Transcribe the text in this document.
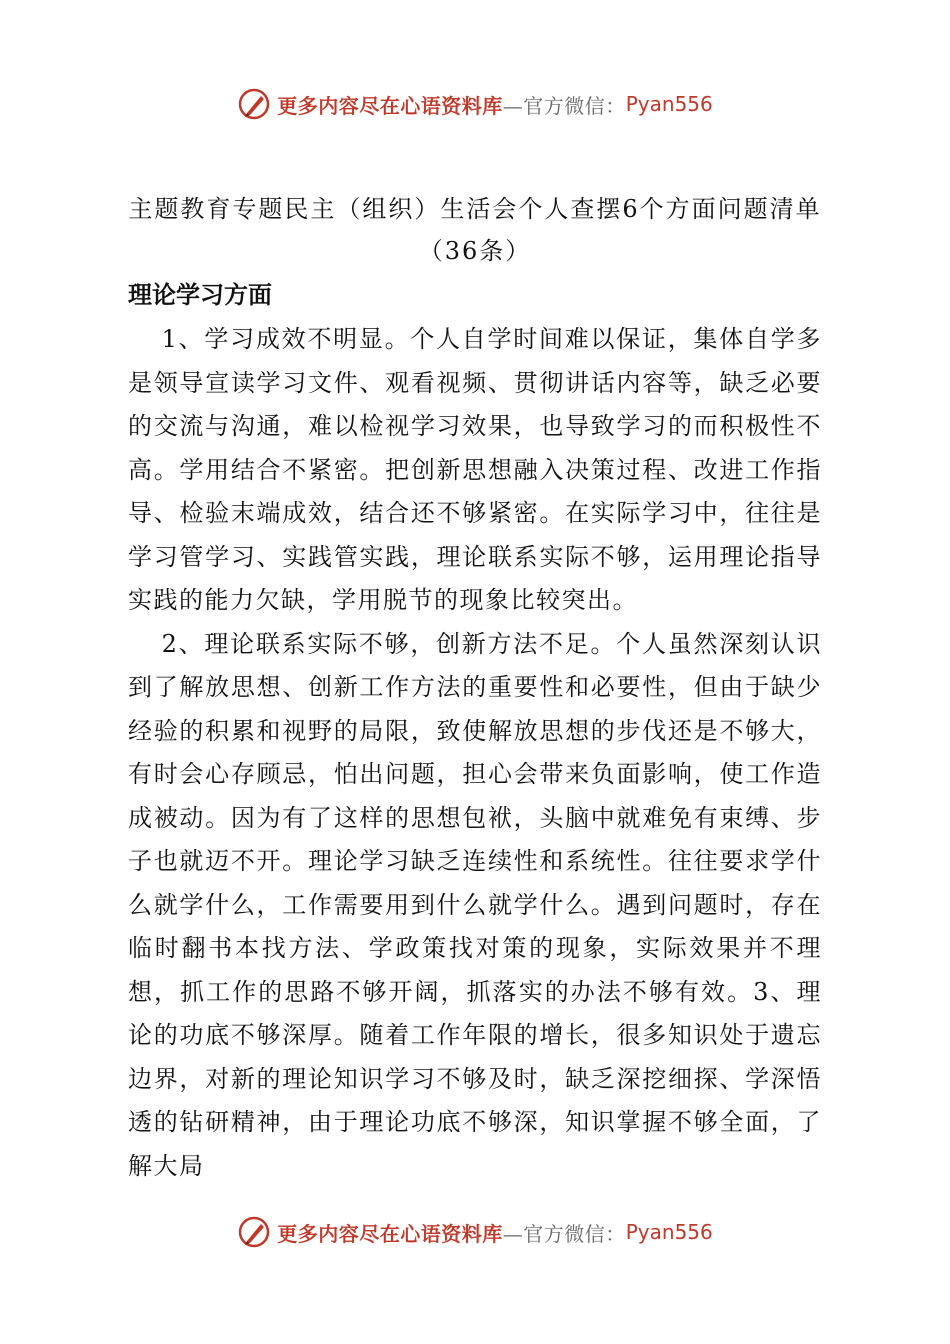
更多内容尽在心语资料库 —官方微信： Pyan556
主题教育专题民主（组织）生活会个人查摆6个方面问题清单（36条）
理论学习方面

1、学习成效不明显。个人自学时间难以保证，集体自学多是领导宣读学习文件、观看视频、贯彻讲话内容等，缺乏必要的交流与沟通，难以检视学习效果，也导致学习的而积极性不高。学用结合不紧密。把创新思想融入决策过程、改进工作指导、检验末端成效，结合还不够紧密。在实际学习中，往往是学习管学习、实践管实践，理论联系实际不够，运用理论指导实践的能力欠缺，学用脱节的现象比较突出。

2、理论联系实际不够，创新方法不足。个人虽然深刻认识到了解放思想、创新工作方法的重要性和必要性，但由于缺少经验的积累和视野的局限，致使解放思想的步伐还是不够大，有时会心存顾忌，怕出问题，担心会带来负面影响，使工作造成被动。因为有了这样的思想包袱，头脑中就难免有束缚、步子也就迈不开。理论学习缺乏连续性和系统性。往往要求学什么就学什么，工作需要用到什么就学什么。遇到问题时，存在临时翻书本找方法、学政策找对策的现象，实际效果并不理想，抓工作的思路不够开阔，抓落实的办法不够有效。3、理论的功底不够深厚。随着工作年限的增长，很多知识处于遗忘边界，对新的理论知识学习不够及时，缺乏深挖细探、学深悟透的钻研精神，由于理论功底不够深，知识掌握不够全面，了解大局

更多内容尽在心语资料库 —官方微信： Pyan556
